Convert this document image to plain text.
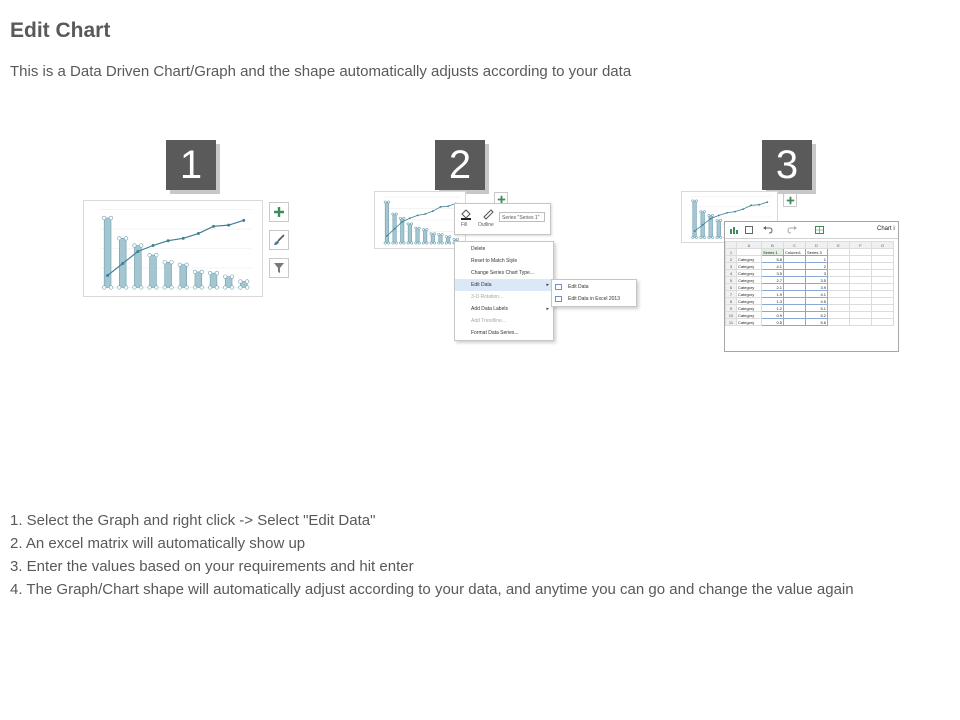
Edit Chart
This is a Data Driven Chart/Graph and the shape automatically adjusts according to your data
1	2
Fill Outline
Series "Series 1"
Delete
Reset to Match Style
Change Series Chart Type...
Edit Data	▸
3-D Rotation...
Add Data Labels	▸
Add Trendline...
Format Data Series...
Edit Data
Edit Data in Excel 2013
3
Chart i
	A	B	C	D	E	F	G
1		Series 1	Column1	Series 3			
2	Category	5.8		1			
3	Category	4.1		2			
4	Category	3.5		3			
5	Category	2.7		3.5			
6	Category	2.1		3.9			
7	Category	1.9		4.1			
8	Category	1.3		4.5			
9	Category	1.2		5.1			
10	Category	0.9		5.2			
11	Category	0.5		5.6			
1. Select the Graph and right click -> Select "Edit Data"
2. An excel matrix will automatically show up
3. Enter the values based on your requirements and hit enter
4. The Graph/Chart shape will automatically adjust according to your data, and anytime you can go and change the value again
